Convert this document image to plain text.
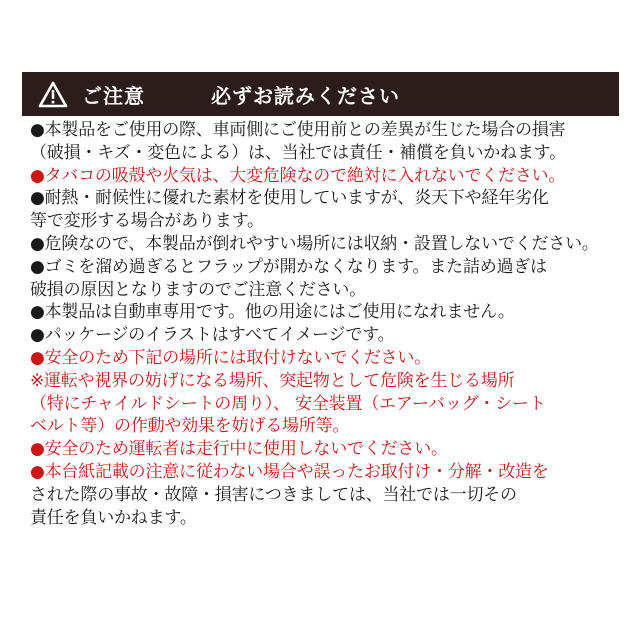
ご注意	必ずお読みください
●本製品をご使用の際、車両側にご使用前との差異が生じた場合の損害
（破損・キズ・変色による）は、当社では責任・補償を負いかねます。
●タバコの吸殻や火気は、大変危険なので絶対に入れないでください。
●耐熱・耐候性に優れた素材を使用していますが、炎天下や経年劣化
等で変形する場合があります。
●危険なので、本製品が倒れやすい場所には収納・設置しないでください。
●ゴミを溜め過ぎるとフラップが開かなくなります。また詰め過ぎは
破損の原因となりますのでご注意ください。
●本製品は自動車専用です。他の用途にはご使用になれません。
●パッケージのイラストはすべてイメージです。
●安全のため下記の場所には取付けないでください。
※運転や視界の妨げになる場所、突起物として危険を生じる場所
（特にチャイルドシートの周り）、 安全装置（エアーバッグ・シート
ベルト等）の作動や効果を妨げる場所等。
●安全のため運転者は走行中に使用しないでください。
●本台紙記載の注意に従わない場合や誤ったお取付け・分解・改造を
された際の事故・故障・損害につきましては、当社では一切その
責任を負いかねます。
